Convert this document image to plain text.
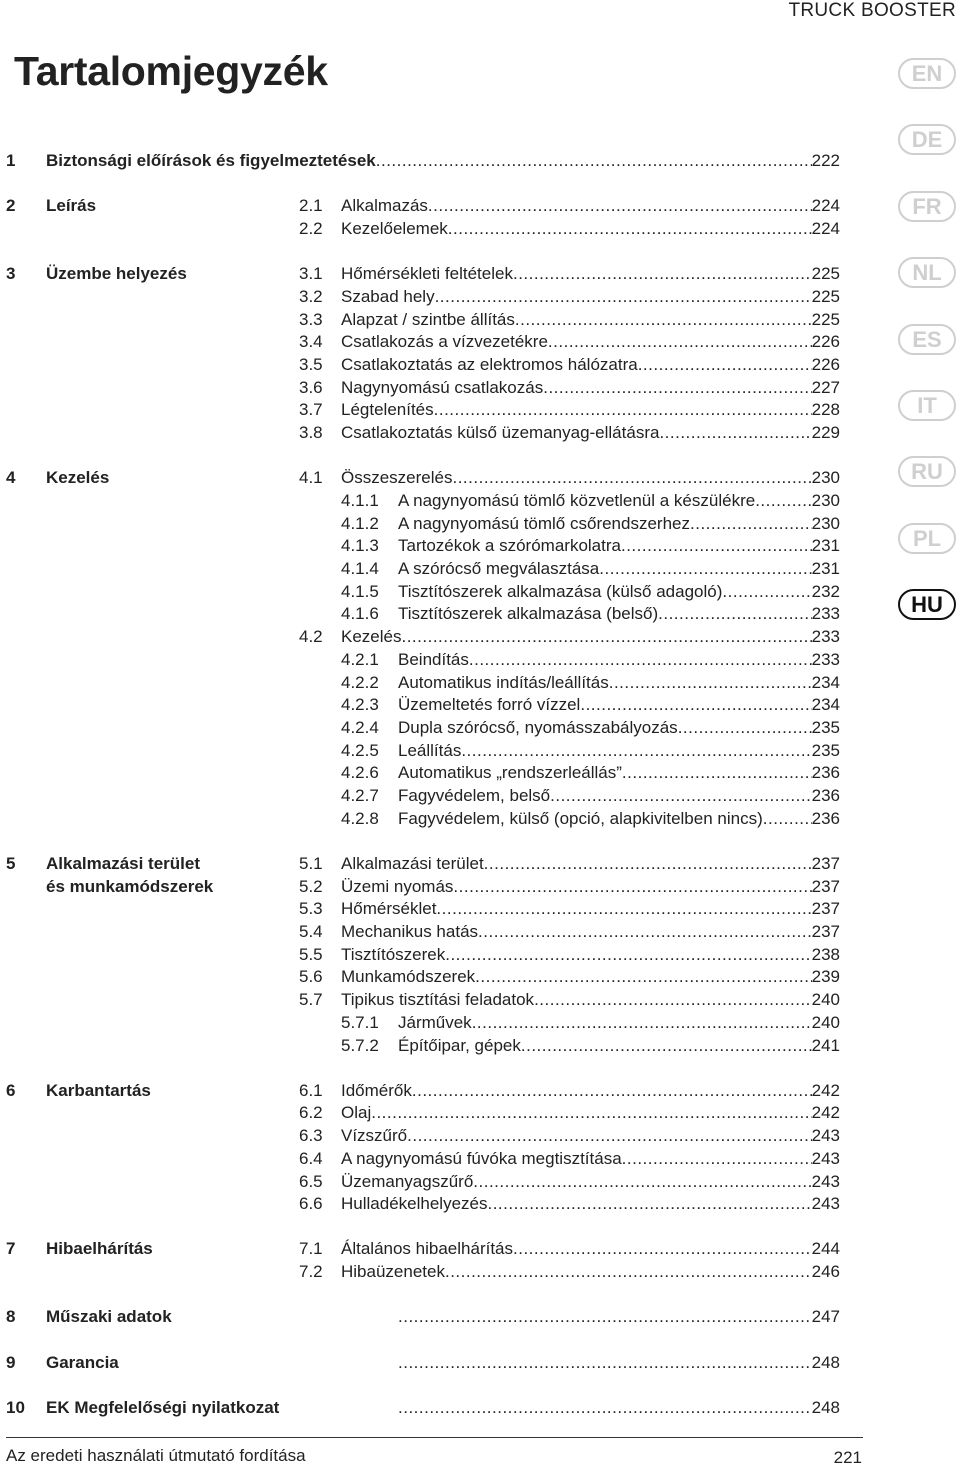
TRUCK BOOSTER
Tartalomjegyzék	EN
DE
FR
NL
ES
IT
RU
PL
HU
1 Biztonsági előírások és figyelmeztetések .....	222
2 Leírás	2.1 Alkalmazás .....	224
2.2 Kezelőelemek .....	224
3 Üzembe helyezés	3.1 Hőmérsékleti feltételek .....	225
3.2 Szabad hely .....	225
3.3 Alapzat / szintbe állítás .....	225
3.4 Csatlakozás a vízvezetékre .....	226
3.5 Csatlakoztatás az elektromos hálózatra .....	226
3.6 Nagynyomású csatlakozás .....	227
3.7 Légtelenítés .....	228
3.8 Csatlakoztatás külső üzemanyag-ellátásra .....	229
4 Kezelés	4.1 Összeszerelés .....	230
4.1.1 A nagynyomású tömlő közvetlenül a készülékre .....	230
4.1.2 A nagynyomású tömlő csőrendszerhez .....	230
4.1.3 Tartozékok a szórómarkolatra .....	231
4.1.4 A szórócső megválasztása .....	231
4.1.5 Tisztítószerek alkalmazása (külső adagoló) .....	232
4.1.6 Tisztítószerek alkalmazása (belső) .....	233
4.2 Kezelés .....	233
4.2.1 Beindítás .....	233
4.2.2 Automatikus indítás/leállítás .....	234
4.2.3 Üzemeltetés forró vízzel .....	234
4.2.4 Dupla szórócső, nyomásszabályozás .....	235
4.2.5 Leállítás .....	235
4.2.6 Automatikus „rendszerleállás” .....	236
4.2.7 Fagyvédelem, belső .....	236
4.2.8 Fagyvédelem, külső (opció, alapkivitelben nincs) .....	236
5 Alkalmazási terület	5.1 Alkalmazási terület .....	237
és munkamódszerek	5.2 Üzemi nyomás .....	237
5.3 Hőmérséklet .....	237
5.4 Mechanikus hatás .....	237
5.5 Tisztítószerek .....	238
5.6 Munkamódszerek .....	239
5.7 Tipikus tisztítási feladatok .....	240
5.7.1 Járművek .....	240
5.7.2 Építőipar, gépek .....	241
6 Karbantartás	6.1 Időmérők .....	242
6.2 Olaj .....	242
6.3 Vízszűrő .....	243
6.4 A nagynyomású fúvóka megtisztítása .....	243
6.5 Üzemanyagszűrő .....	243
6.6 Hulladékelhelyezés .....	243
7 Hibaelhárítás	7.1 Általános hibaelhárítás .....	244
7.2 Hibaüzenetek .....	246
8 Műszaki adatok .....	247
9 Garancia .....	248
10 EK Megfelelőségi nyilatkozat .....	248
Az eredeti használati útmutató fordítása	221
